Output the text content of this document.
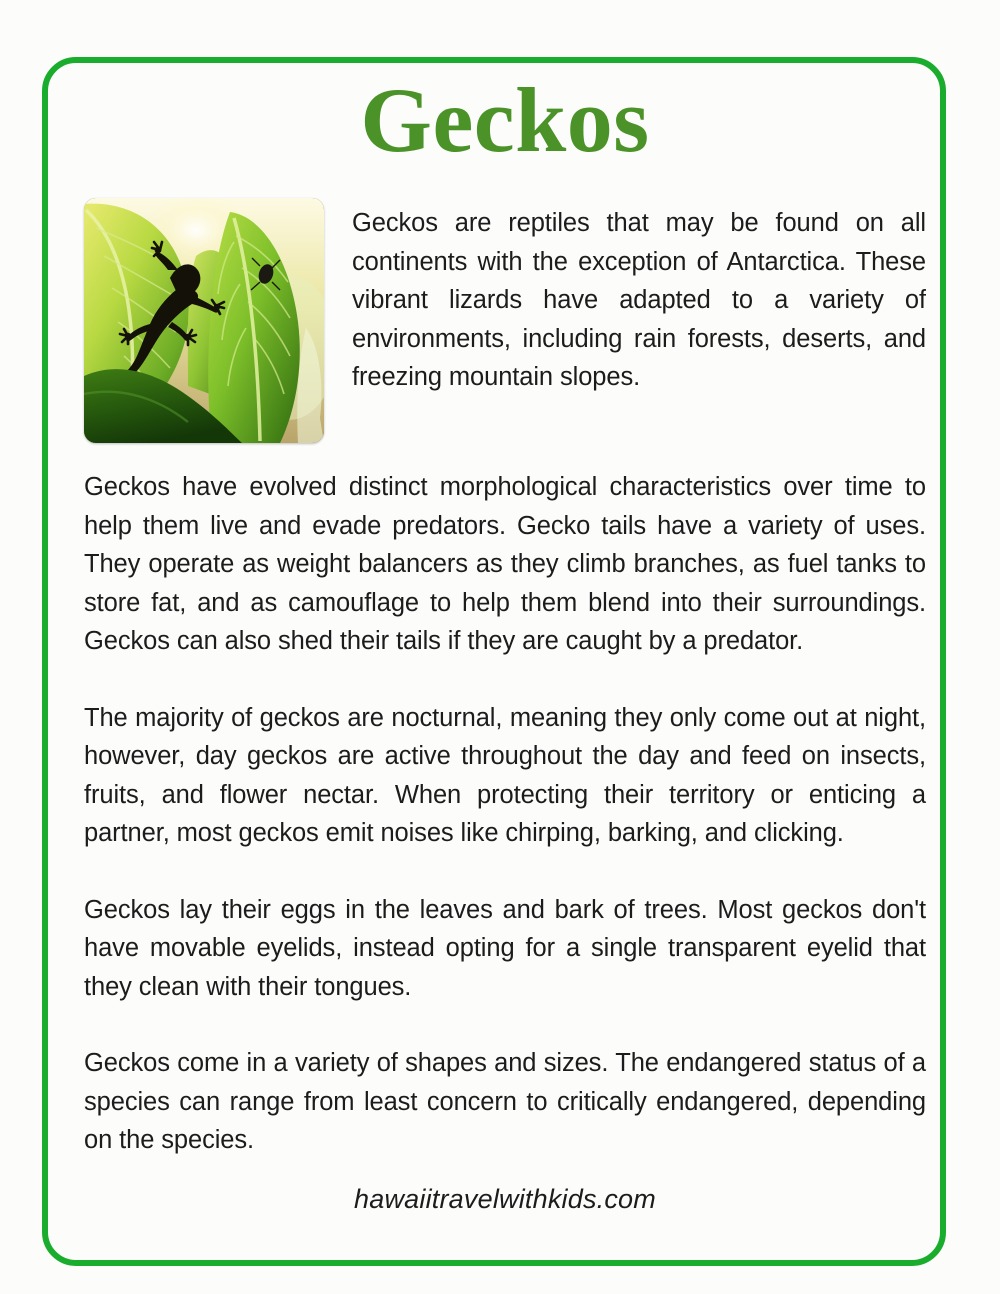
Geckos

Geckos are reptiles that may be found on all continents with the exception of Antarctica. These vibrant lizards have adapted to a variety of environments, including rain forests, deserts, and freezing mountain slopes.

Geckos have evolved distinct morphological characteristics over time to help them live and evade predators. Gecko tails have a variety of uses. They operate as weight balancers as they climb branches, as fuel tanks to store fat, and as camouflage to help them blend into their surroundings. Geckos can also shed their tails if they are caught by a predator.

The majority of geckos are nocturnal, meaning they only come out at night, however, day geckos are active throughout the day and feed on insects, fruits, and flower nectar. When protecting their territory or enticing a partner, most geckos emit noises like chirping, barking, and clicking.

Geckos lay their eggs in the leaves and bark of trees. Most geckos don't have movable eyelids, instead opting for a single transparent eyelid that they clean with their tongues.

Geckos come in a variety of shapes and sizes. The endangered status of a species can range from least concern to critically endangered, depending on the species.

hawaiitravelwithkids.com
